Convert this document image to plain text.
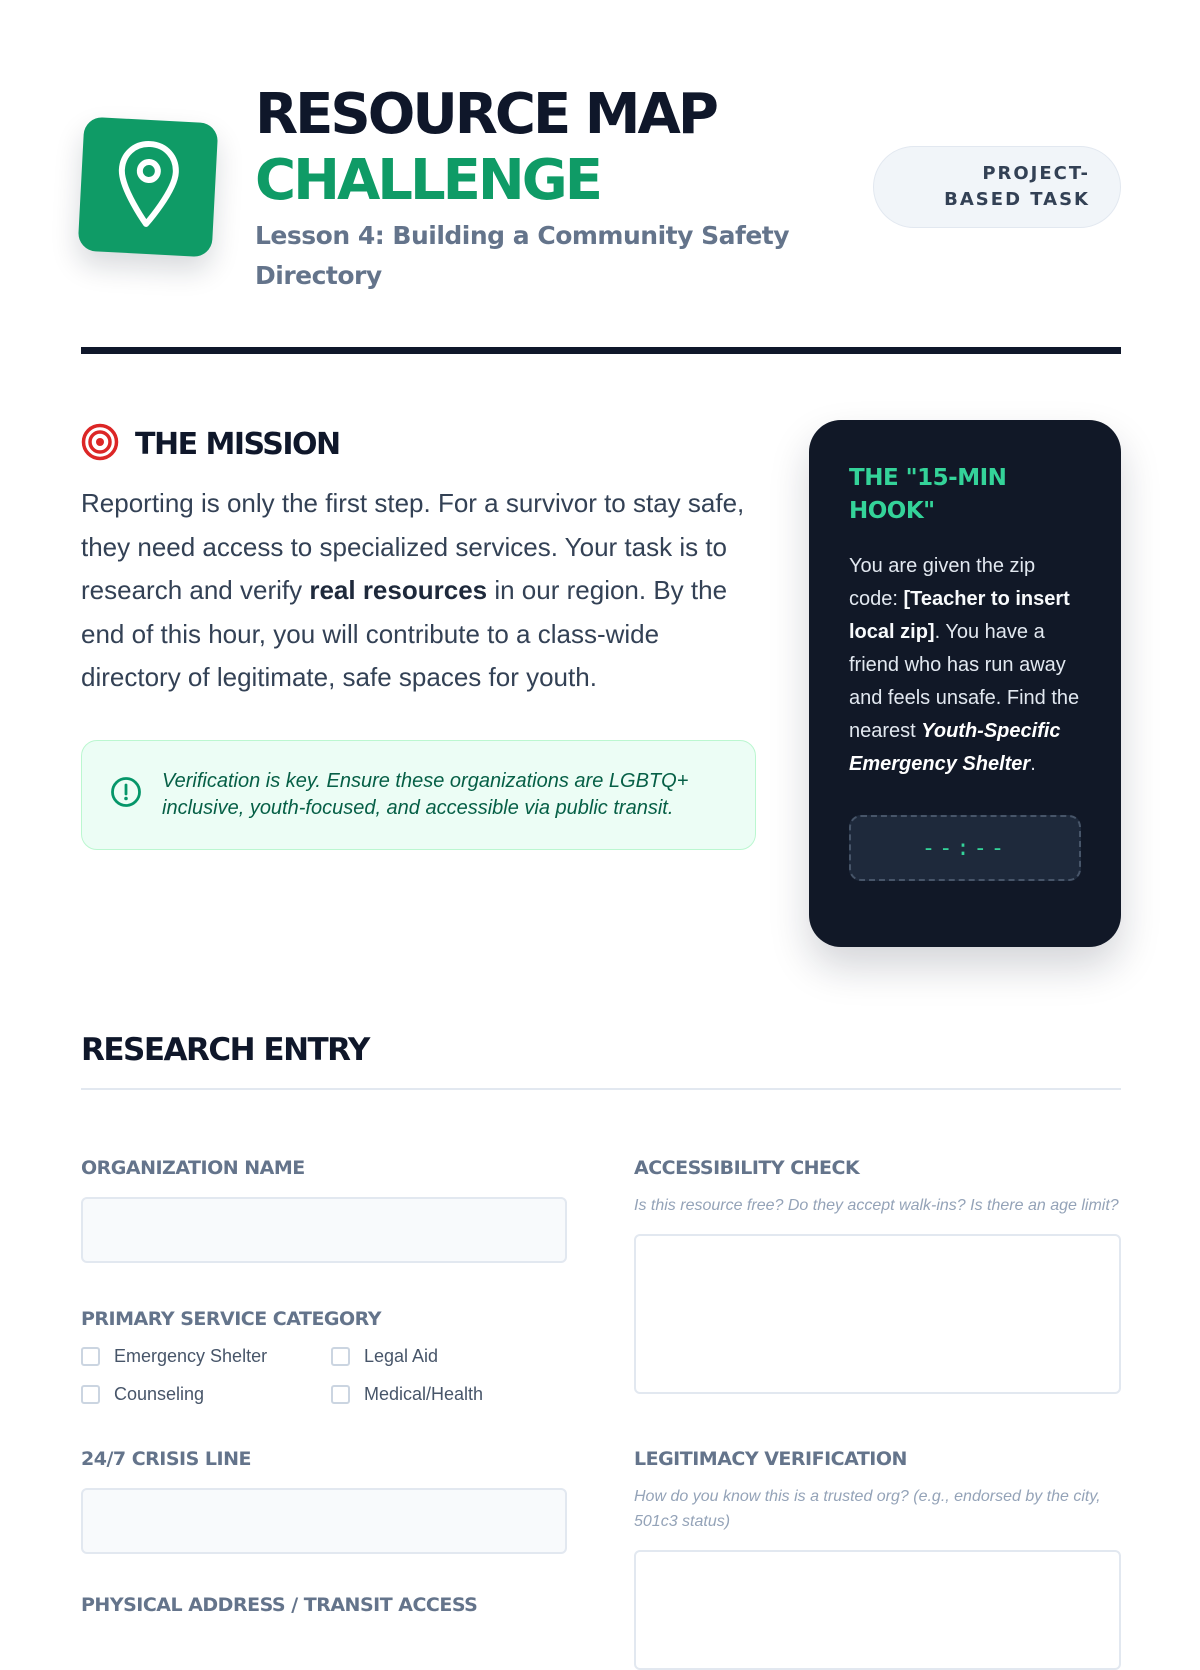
RESOURCE MAP
CHALLENGE
Lesson 4: Building a Community Safety Directory
PROJECT-BASED TASK
THE MISSION

Reporting is only the first step. For a survivor to stay safe, they need access to specialized services. Your task is to research and verify real resources in our region. By the end of this hour, you will contribute to a class-wide directory of legitimate, safe spaces for youth.

Verification is key. Ensure these organizations are LGBTQ+ inclusive, youth-focused, and accessible via public transit.

THE "15-MIN HOOK"

You are given the zip code: [Teacher to insert local zip]. You have a friend who has run away and feels unsafe. Find the nearest Youth-Specific Emergency Shelter.

--:--
RESEARCH ENTRY
ORGANIZATION NAME
PRIMARY SERVICE CATEGORY
Emergency Shelter	Legal Aid
Counseling	Medical/Health
24/7 CRISIS LINE
PHYSICAL ADDRESS / TRANSIT ACCESS
ACCESSIBILITY CHECK

Is this resource free? Do they accept walk-ins? Is there an age limit?

LEGITIMACY VERIFICATION

How do you know this is a trusted org? (e.g., endorsed by the city, 501c3 status)
